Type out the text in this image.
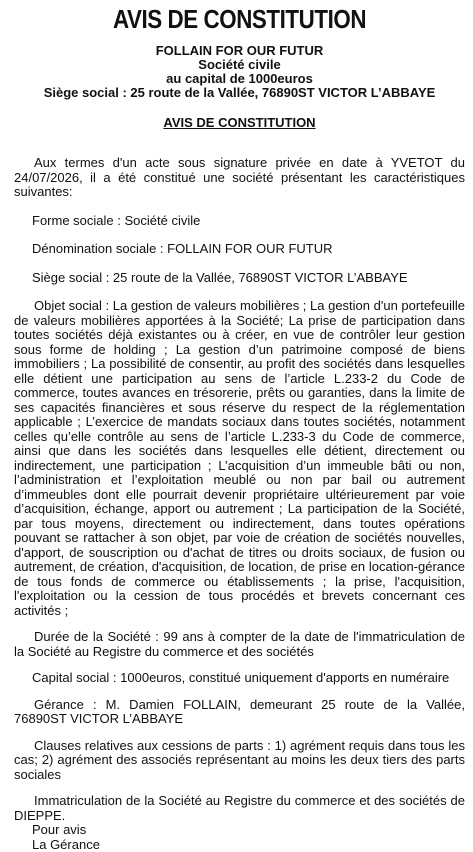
AVIS DE CONSTITUTION
FOLLAIN FOR OUR FUTUR
Société civile
au capital de 1000euros
Siège social : 25 route de la Vallée, 76890ST VICTOR L’ABBAYE
AVIS DE CONSTITUTION

Aux termes d'un acte sous signature privée en date à YVETOT du 24/07/2026, il a été constitué une société présentant les caractéristiques suivantes:

Forme sociale : Société civile

Dénomination sociale : FOLLAIN FOR OUR FUTUR

Siège social : 25 route de la Vallée, 76890ST VICTOR L’ABBAYE

Objet social : La gestion de valeurs mobilières ; La gestion d'un portefeuille de valeurs mobilières apportées à la Société; La prise de participation dans toutes sociétés déjà existantes ou à créer, en vue de contrôler leur gestion sous forme de holding ; La gestion d’un patrimoine composé de biens immobiliers ; La possibilité de consentir, au profit des sociétés dans lesquelles elle détient une participation au sens de l’article L.233-2 du Code de commerce, toutes avances en trésorerie, prêts ou garanties, dans la limite de ses capacités financières et sous réserve du respect de la réglementation applicable ; L’exercice de mandats sociaux dans toutes sociétés, notamment celles qu’elle contrôle au sens de l’article L.233-3 du Code de commerce, ainsi que dans les sociétés dans lesquelles elle détient, directement ou indirectement, une participation ; L’acquisition d’un immeuble bâti ou non, l’administration et l’exploitation meublé ou non par bail ou autrement d’immeubles dont elle pourrait devenir propriétaire ultérieurement par voie d’acquisition, échange, apport ou autrement ; La participation de la Société, par tous moyens, directement ou indirectement, dans toutes opérations pouvant se rattacher à son objet, par voie de création de sociétés nouvelles, d'apport, de souscription ou d'achat de titres ou droits sociaux, de fusion ou autrement, de création, d'acquisition, de location, de prise en location-gérance de tous fonds de commerce ou établissements ; la prise, l'acquisition, l'exploitation ou la cession de tous procédés et brevets concernant ces activités ;

Durée de la Société : 99 ans à compter de la date de l'immatriculation de la Société au Registre du commerce et des sociétés

Capital social : 1000euros, constitué uniquement d'apports en numéraire

Gérance : M. Damien FOLLAIN, demeurant 25 route de la Vallée, 76890ST VICTOR L’ABBAYE

Clauses relatives aux cessions de parts : 1) agrément requis dans tous les cas; 2) agrément des associés représentant au moins les deux tiers des parts sociales

Immatriculation de la Société au Registre du commerce et des sociétés de DIEPPE.

Pour avis
La Gérance
